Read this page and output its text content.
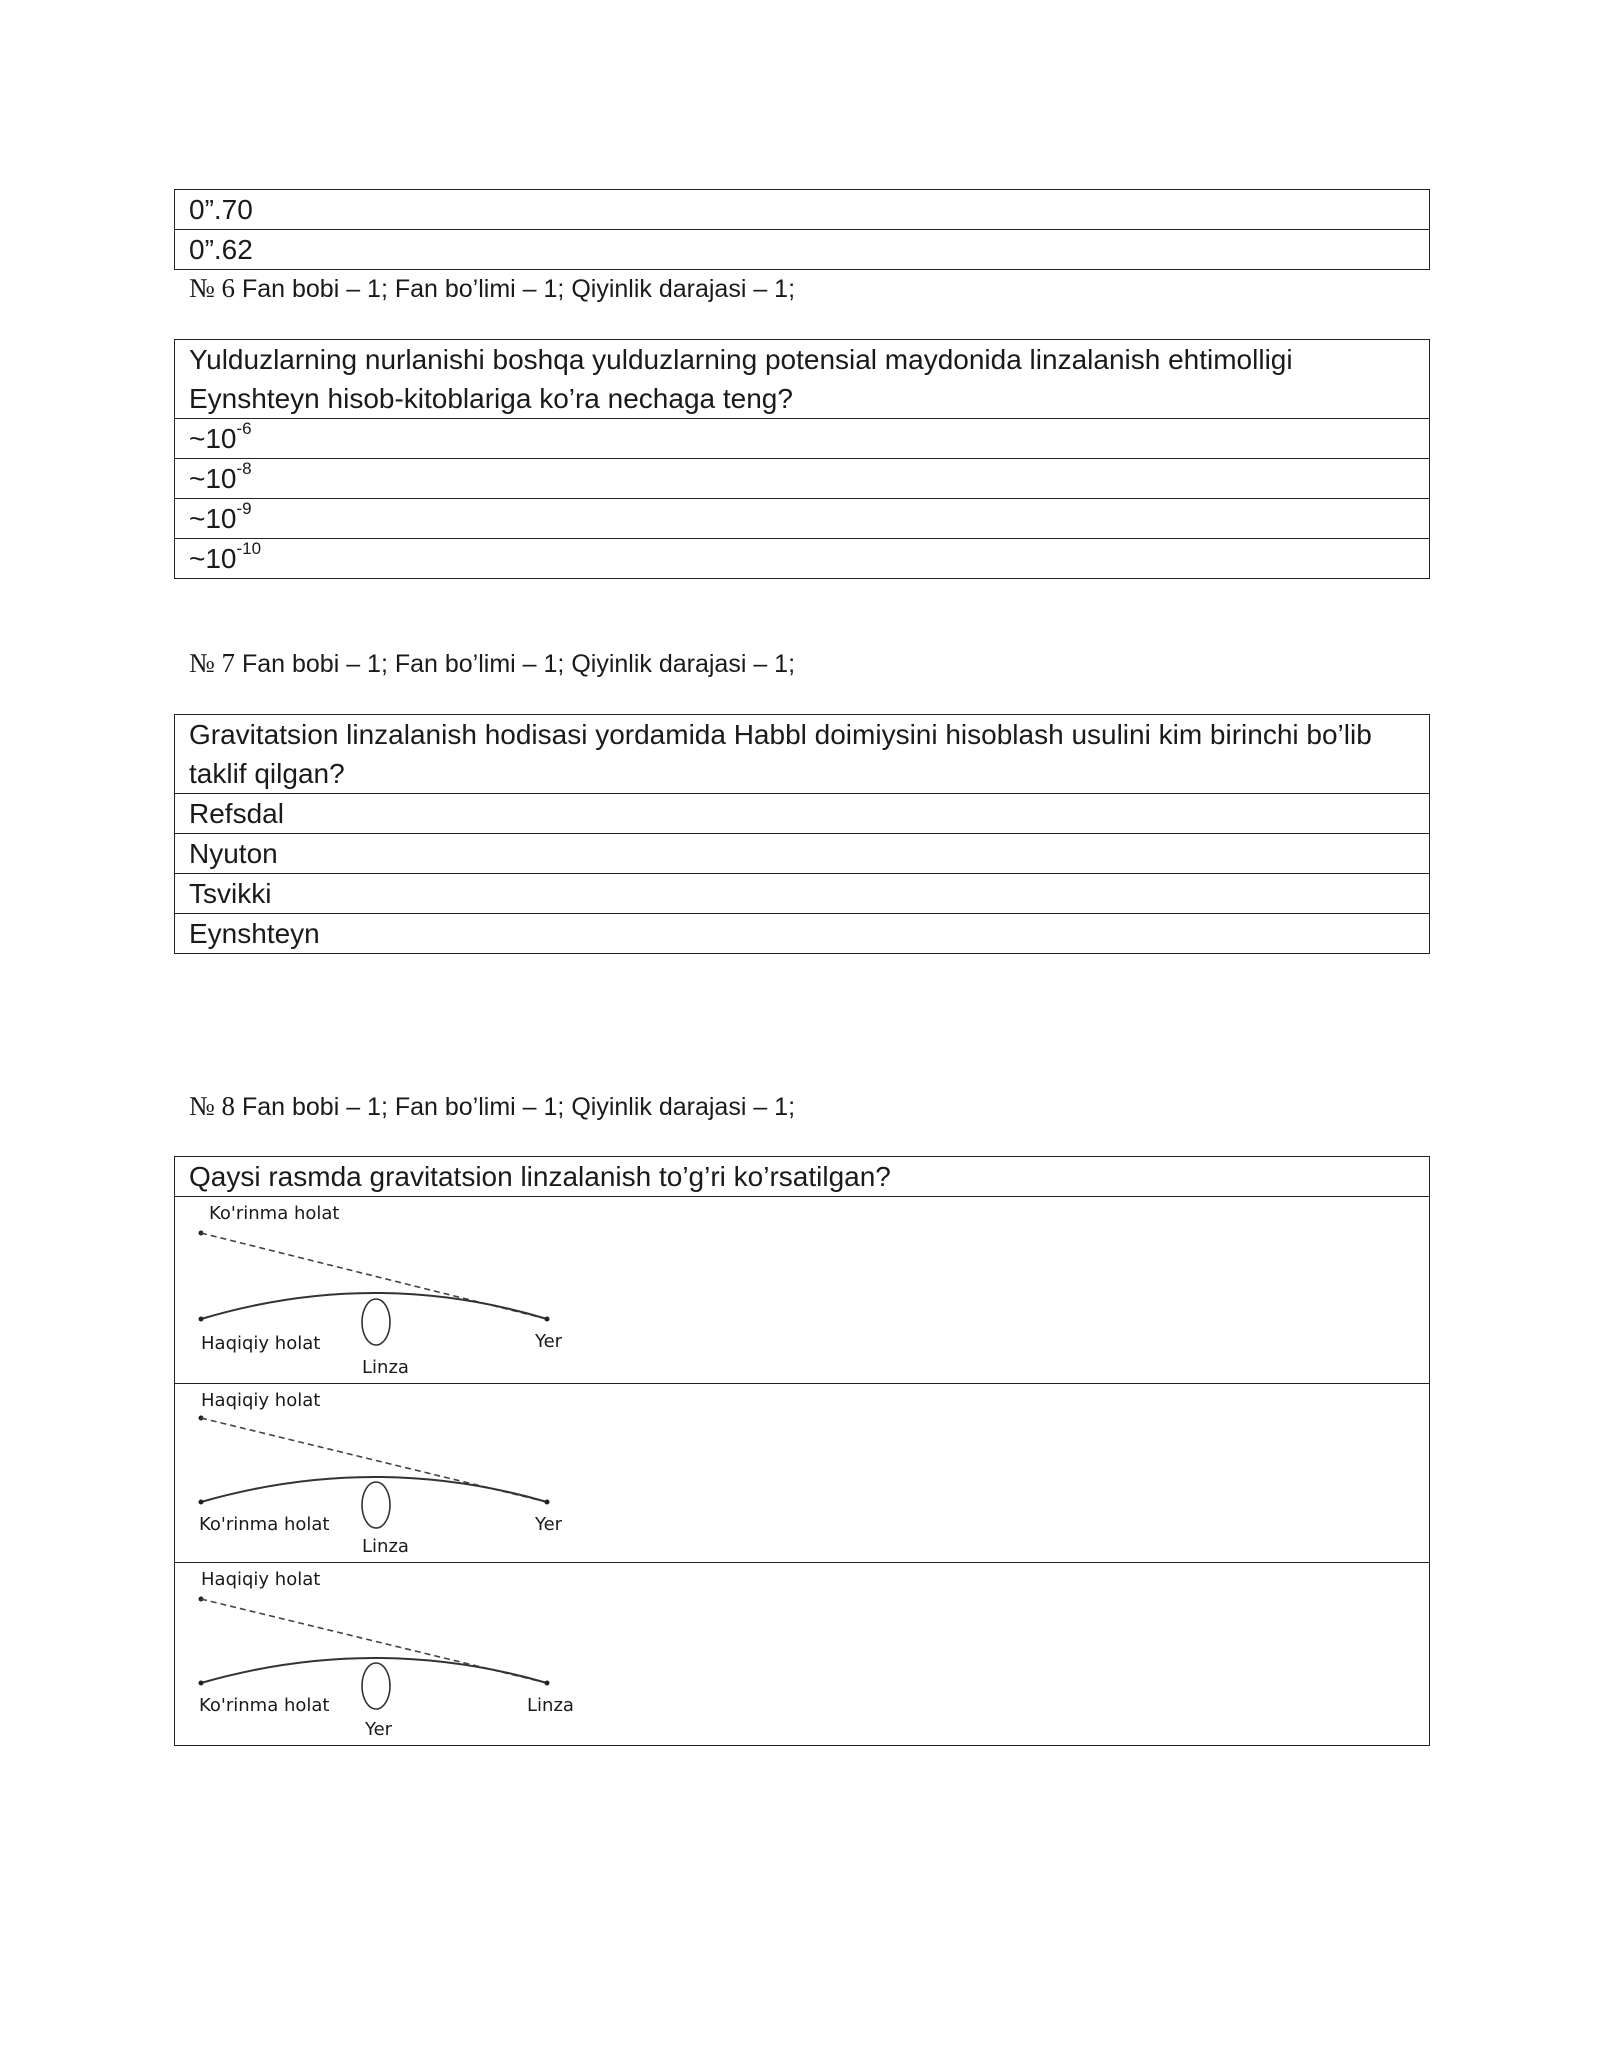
0”.70
0”.62
№ 6 Fan bobi – 1; Fan bo’limi – 1; Qiyinlik darajasi – 1;
Yulduzlarning nurlanishi boshqa yulduzlarning potensial maydonida linzalanish ehtimolligi Eynshteyn hisob-kitoblariga ko’ra nechaga teng?
$\sim 10^{-6}$
$\sim 10^{-8}$
$\sim 10^{-9}$
$\sim 10^{-10}$
№ 7 Fan bobi – 1; Fan bo’limi – 1; Qiyinlik darajasi – 1;
Gravitatsion linzalanish hodisasi yordamida Habbl doimiysini hisoblash usulini kim birinchi bo’lib taklif qilgan?
Refsdal
Nyuton
Tsvikki
Eynshteyn
№ 8 Fan bobi – 1; Fan bo’limi – 1; Qiyinlik darajasi – 1;
Qaysi rasmda gravitatsion linzalanish to’g’ri ko’rsatilgan?

Ko'rinma holat
Haqiqiy holat
Linza
Yer

Haqiqiy holat
Ko'rinma holat
Linza
Yer

Haqiqiy holat
Ko'rinma holat
Yer
Linza
